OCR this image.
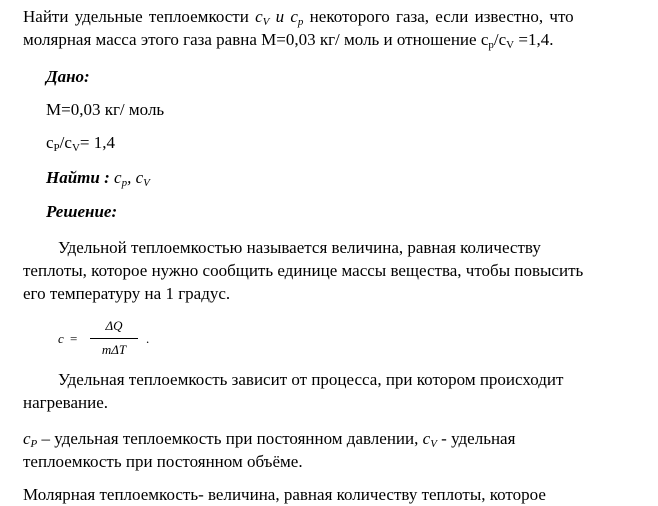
Найти удельные теплоемкости $c_V$ и $c_p$ некоторого газа, если известно, что
молярная масса этого газа равна M=0,03 кг/ моль и отношение $c_p/c_V =1,4$.
Дано:
M=0,03 кг/ моль
$c_P/c_V= 1,4$
Найти : $c_p$, $c_V$
Решение:
Удельной теплоемкостью называется величина, равная количеству
теплоты, которое нужно сообщить единице массы вещества, чтобы повысить
его температуру на 1 градус.
c =
ΔQ
mΔT
.
Удельная теплоемкость зависит от процесса, при котором происходит
нагревание.
$c_P$ – удельная теплоемкость при постоянном давлении, $c_V$ - удельная
теплоемкость при постоянном объёме.
Молярная теплоемкость- величина, равная количеству теплоты, которое
